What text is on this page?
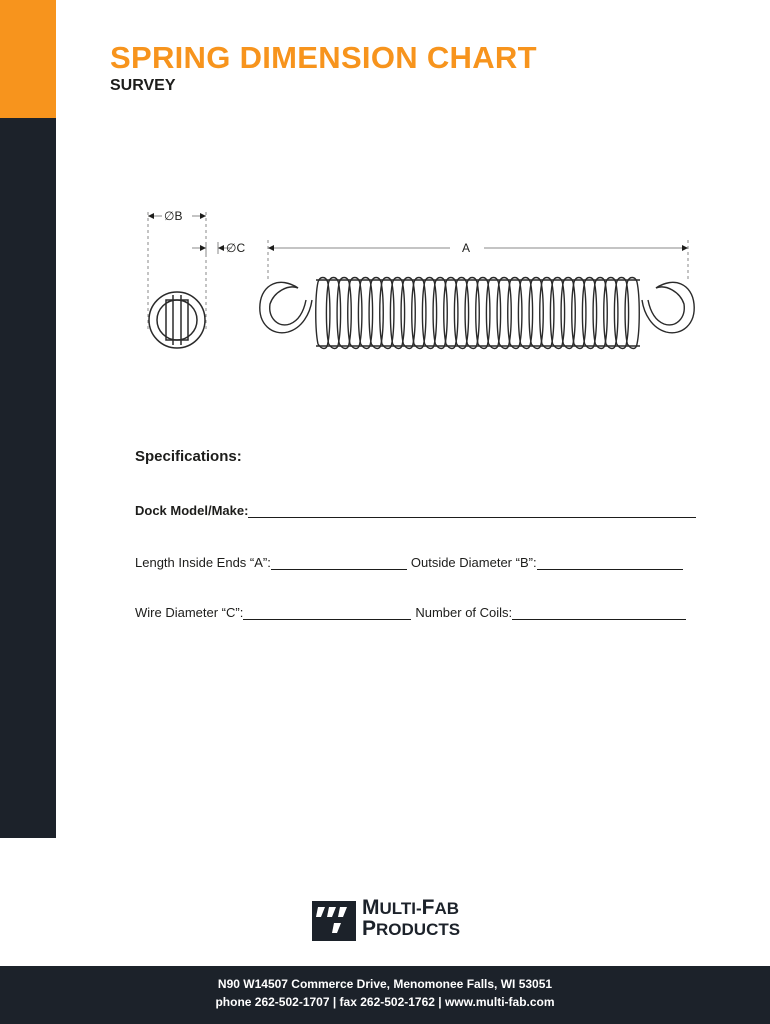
SPRING DIMENSION CHART
SURVEY
∅B
∅C	A
Specifications:
Dock Model/Make:
Length Inside Ends “A”:	Outside Diameter “B”:
Wire Diameter “C”:	Number of Coils:
MULTI-FAB
PRODUCTS
N90 W14507 Commerce Drive, Menomonee Falls, WI 53051
phone 262-502-1707 | fax 262-502-1762 | www.multi-fab.com
